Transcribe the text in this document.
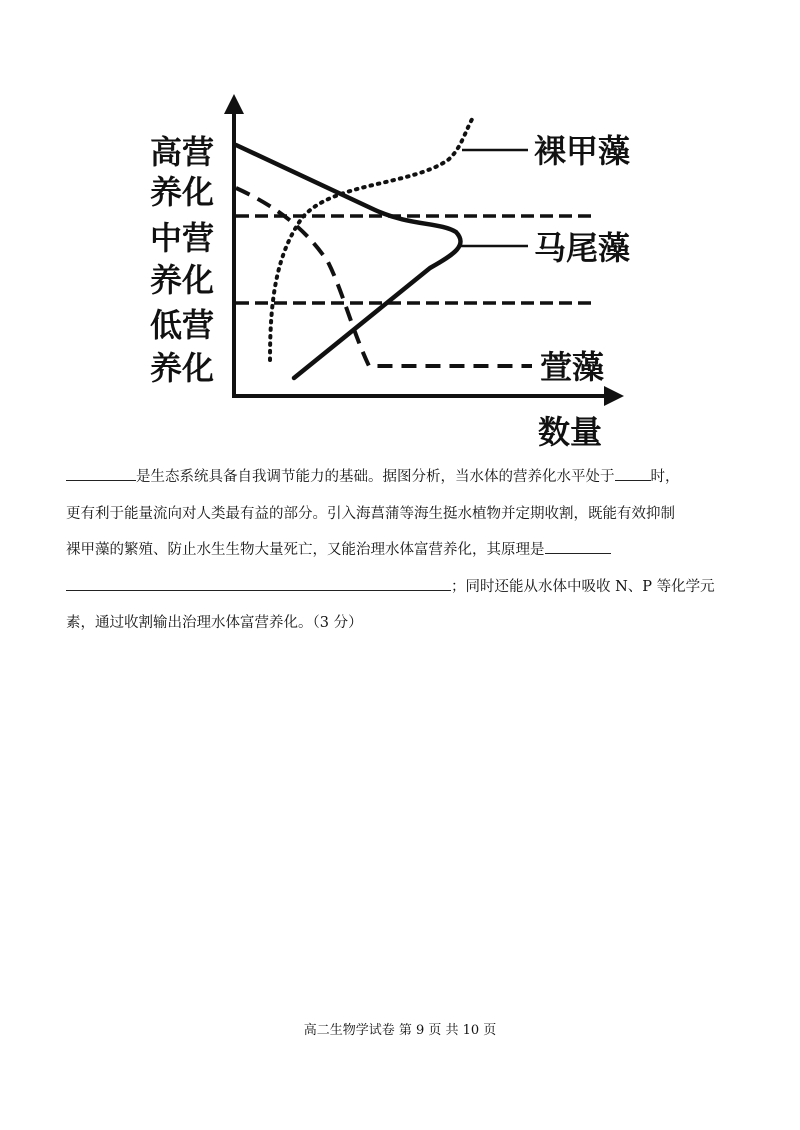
高营
养化
中营
养化
低营
养化
裸甲藻
马尾藻
萱藻
数量

是生态系统具备自我调节能力的基础。据图分析，当水体的营养化水平处于 时，

更有利于能量流向对人类最有益的部分。引入海菖蒲等海生挺水植物并定期收割，既能有效抑制

裸甲藻的繁殖、防止水生生物大量死亡，又能治理水体富营养化，其原理是

；同时还能从水体中吸收 N、P 等化学元

素，通过收割输出治理水体富营养化。（3 分）

高二生物学试卷 第 9 页 共 10 页
